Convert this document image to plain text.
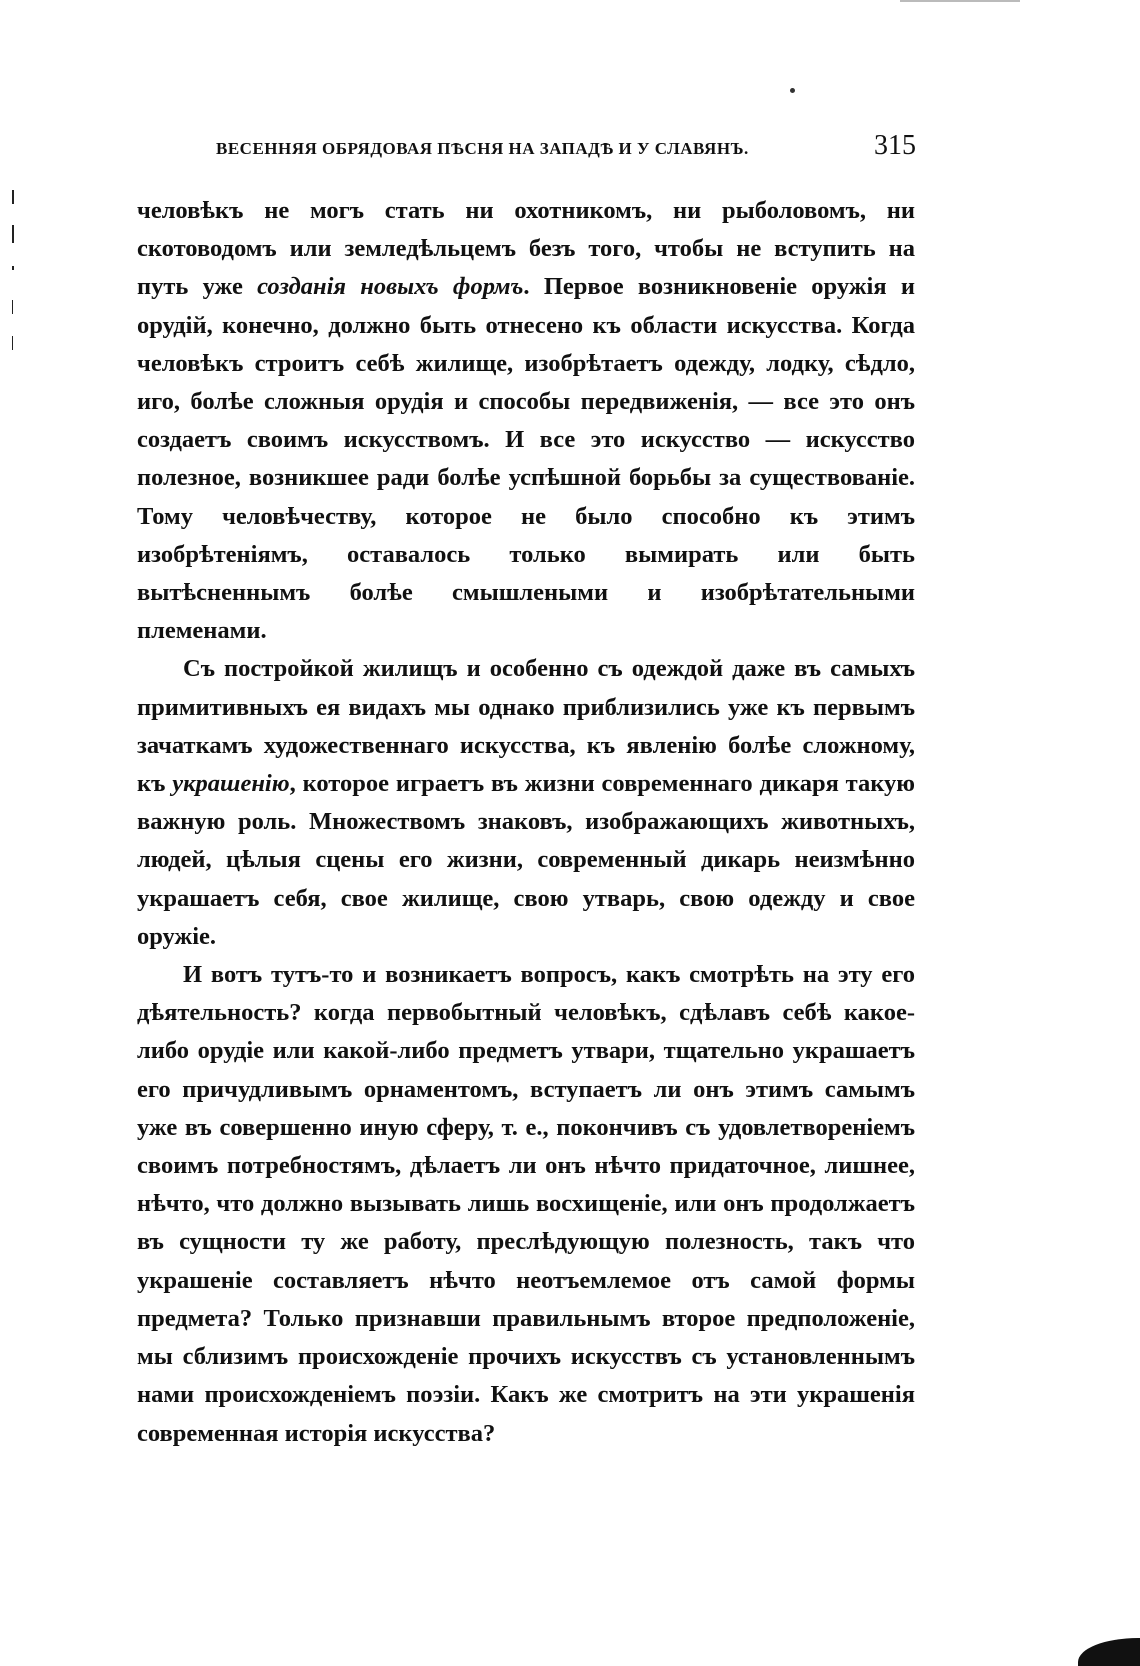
ВЕСЕННЯЯ ОБРЯДОВАЯ ПѢСНЯ НА ЗАПАДѢ И У СЛАВЯНЪ.	315

человѣкъ не могъ стать ни охотникомъ, ни рыболовомъ, ни скотоводомъ или земледѣльцемъ безъ того, чтобы не вступить на путь уже созданія новыхъ формъ. Первое возникновеніе оружія и орудій, конечно, должно быть отнесено къ области искусства. Когда человѣкъ строитъ себѣ жилище, изобрѣтаетъ одежду, лодку, сѣдло, иго, болѣе сложныя орудія и способы передвиженія, — все это онъ создаетъ своимъ искусствомъ. И все это искусство — искусство полезное, возникшее ради болѣе успѣшной борьбы за существованіе. Тому человѣчеству, которое не было способно къ этимъ изобрѣтеніямъ, оставалось только вымирать или быть вытѣсненнымъ болѣе смышлеными и изобрѣтательными племенами.

Съ постройкой жилищъ и особенно съ одеждой даже въ самыхъ примитивныхъ ея видахъ мы однако приблизились уже къ первымъ зачаткамъ художественнаго искусства, къ явленію болѣе сложному, къ украшенію, которое играетъ въ жизни современнаго дикаря такую важную роль. Множествомъ знаковъ, изображающихъ животныхъ, людей, цѣлыя сцены его жизни, современный дикарь неизмѣнно украшаетъ себя, свое жилище, свою утварь, свою одежду и свое оружіе.

И вотъ тутъ-то и возникаетъ вопросъ, какъ смотрѣть на эту его дѣятельность? когда первобытный человѣкъ, сдѣлавъ себѣ какое-либо орудіе или какой-либо предметъ утвари, тщательно украшаетъ его причудливымъ орнаментомъ, вступаетъ ли онъ этимъ самымъ уже въ совершенно иную сферу, т. е., покончивъ съ удовлетвореніемъ своимъ потребностямъ, дѣлаетъ ли онъ нѣчто придаточное, лишнее, нѣчто, что должно вызывать лишь восхищеніе, или онъ продолжаетъ въ сущности ту же работу, преслѣдующую полезность, такъ что украшеніе составляетъ нѣчто неотъемлемое отъ самой формы предмета? Только признавши правильнымъ второе предположеніе, мы сблизимъ происхожденіе прочихъ искусствъ съ установленнымъ нами происхожденіемъ поэзіи. Какъ же смотритъ на эти украшенія современная исторія искусства?
